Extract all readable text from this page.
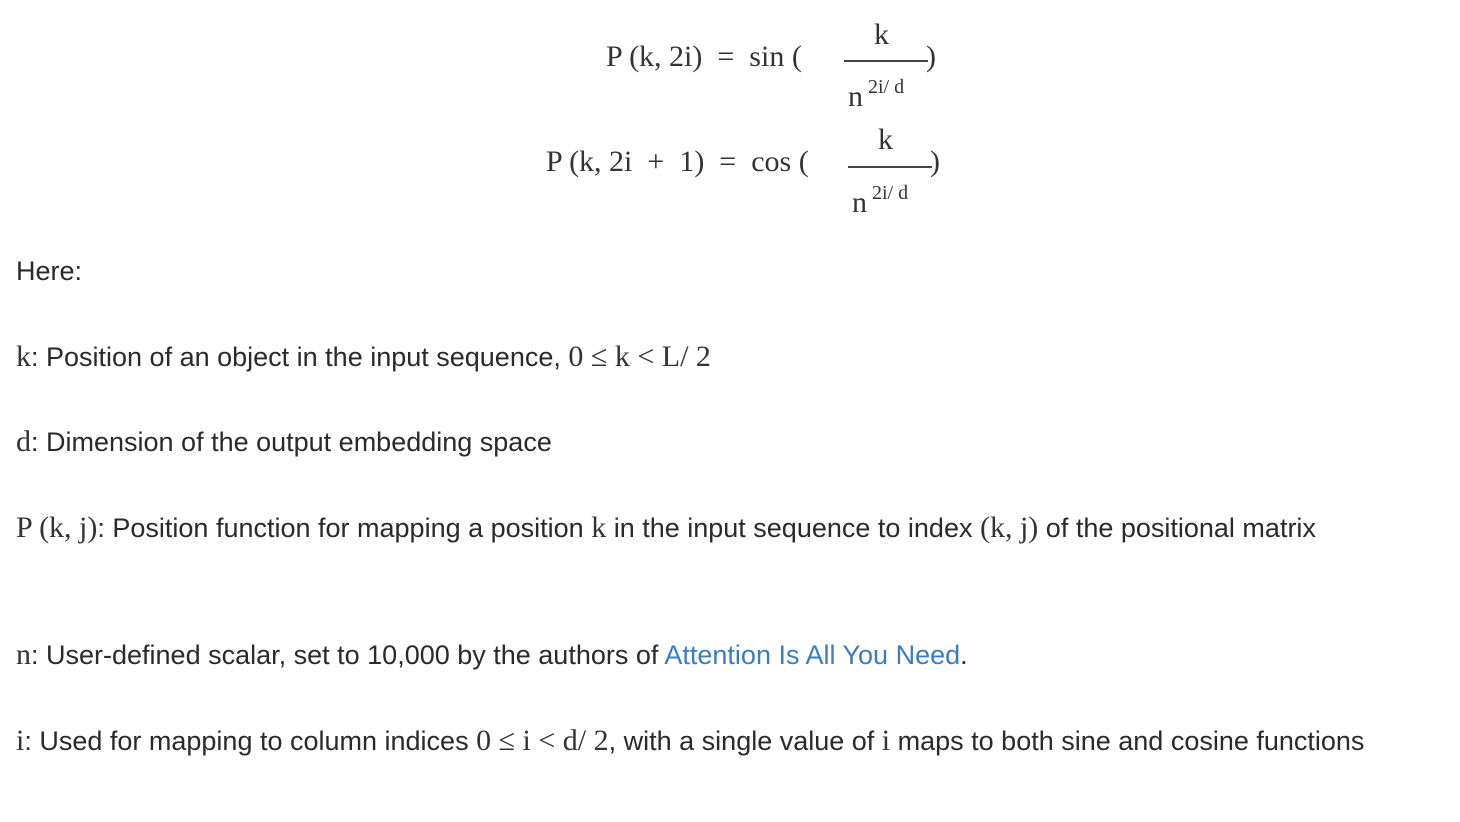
P (k, 2i)  =  sin (
k
n 2i/ d
)
P (k, 2i  +  1)  =  cos (
k
n 2i/ d
)
Here:
k: Position of an object in the input sequence, 0 ≤ k < L/ 2
d: Dimension of the output embedding space
P (k, j): Position function for mapping a position k in the input sequence to index (k, j) of the positional matrix
n: User-defined scalar, set to 10,000 by the authors of Attention Is All You Need.
i: Used for mapping to column indices 0 ≤ i < d/ 2, with a single value of i maps to both sine and cosine functions
